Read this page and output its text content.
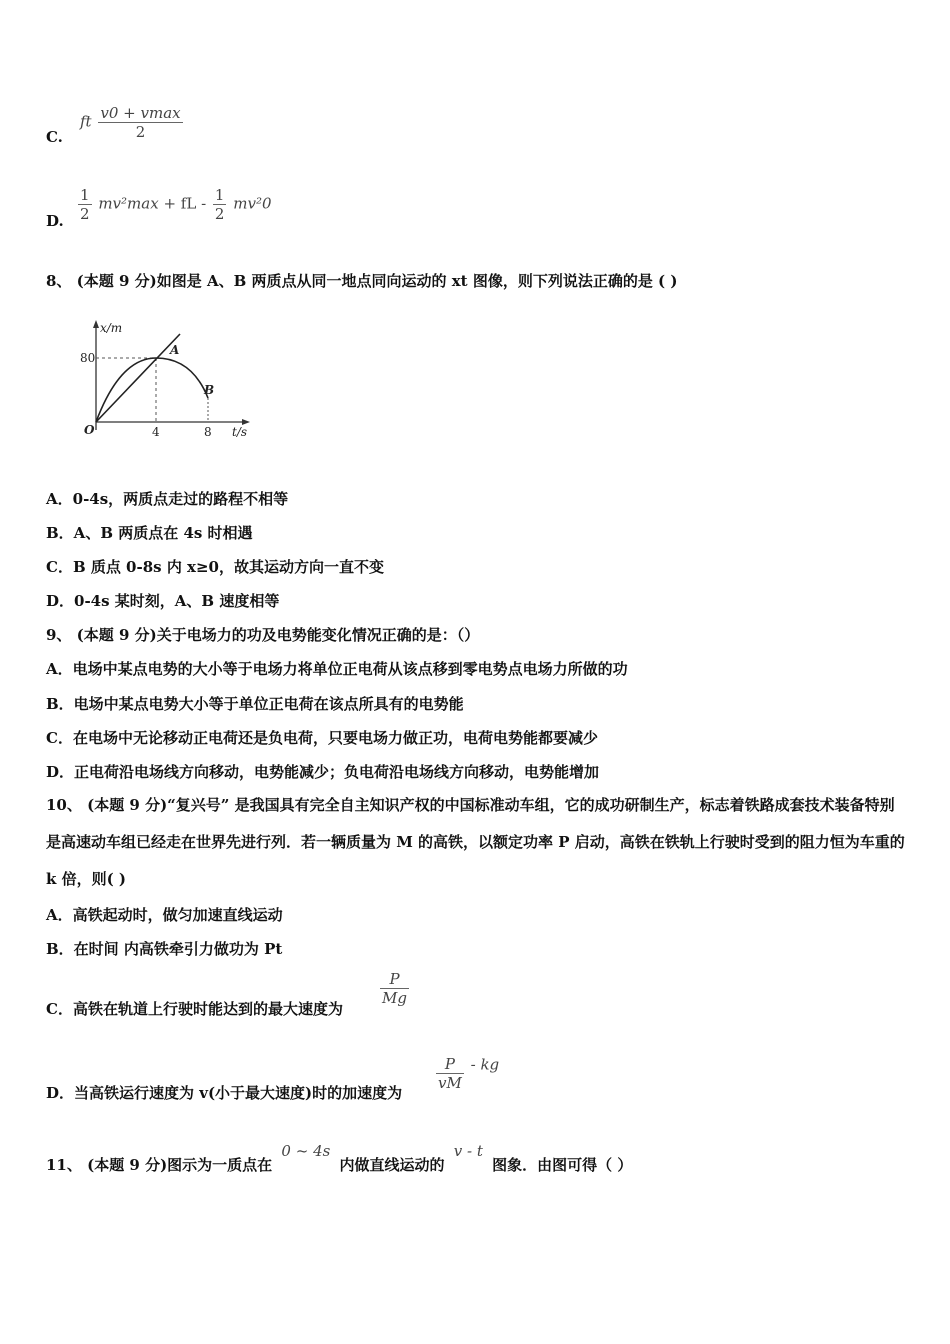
C.
ft $\frac{v0 + vmax}{2}$
D. $\frac{1}{2} mv^2\max$ + fL - $\frac{1}{2} mv^20$
8、 (本题 9 分)如图是 A、B 两质点从同一地点同向运动的 xt 图像，则下列说法正确的是 ( )
x/m
t/s
O
80
4	8
A
B
A．0-4s，两质点走过的路程不相等
B．A、B 两质点在 4s 时相遇
C．B 质点 0-8s 内 x≥0，故其运动方向一直不变
D．0-4s 某时刻，A、B 速度相等
9、 (本题 9 分)关于电场力的功及电势能变化情况正确的是：（）
A．电场中某点电势的大小等于电场力将单位正电荷从该点移到零电势点电场力所做的功
B．电场中某点电势大小等于单位正电荷在该点所具有的电势能
C．在电场中无论移动正电荷还是负电荷，只要电场力做正功，电荷电势能都要减少
D．正电荷沿电场线方向移动，电势能减少；负电荷沿电场线方向移动，电势能增加
10、 (本题 9 分)“复兴号” 是我国具有完全自主知识产权的中国标准动车组，它的成功研制生产，标志着铁路成套技术装备特别是高速动车组已经走在世界先进行列．若一辆质量为 M 的高铁，以额定功率 P 启动，高铁在铁轨上行驶时受到的阻力恒为车重的 k 倍，则( )
A．高铁起动时，做匀加速直线运动
B．在时间 内高铁牵引力做功为 Pt
C．高铁在轨道上行驶时能达到的最大速度为
$\frac{P}{Mg}$
D．当高铁运行速度为 v(小于最大速度)时的加速度为
$\frac{P}{vM}$ - kg
11、 (本题 9 分)图示为一质点在 0 ~ 4s 内做直线运动的 v - t 图象．由图可得（ ）
